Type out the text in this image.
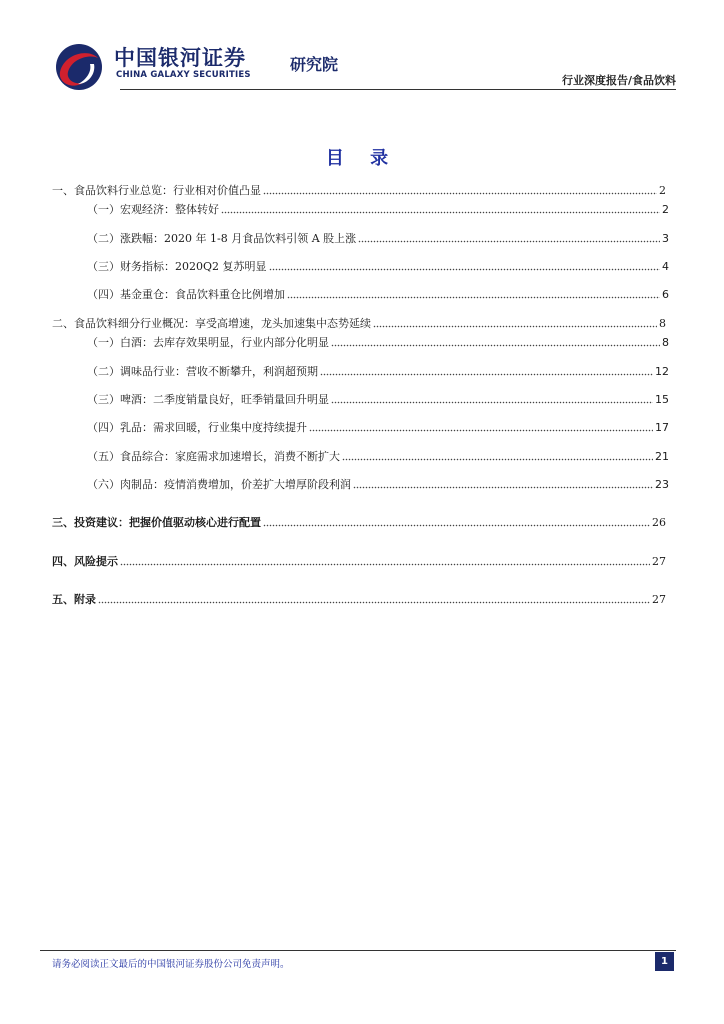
中国银河证券
CHINA GALAXY SECURITIES
研究院
行业深度报告/食品饮料
目 录
一、食品饮料行业总览：行业相对价值凸显	2
（一）宏观经济：整体转好	2
（二）涨跌幅：2020 年 1-8 月食品饮料引领 A 股上涨	3
（三）财务指标：2020Q2 复苏明显	4
（四）基金重仓：食品饮料重仓比例增加	6
二、食品饮料细分行业概况：享受高增速，龙头加速集中态势延续	8
（一）白酒：去库存效果明显，行业内部分化明显	8
（二）调味品行业：营收不断攀升，利润超预期	12
（三）啤酒：二季度销量良好，旺季销量回升明显	15
（四）乳品：需求回暖，行业集中度持续提升	17
（五）食品综合：家庭需求加速增长，消费不断扩大	21
（六）肉制品：疫情消费增加，价差扩大增厚阶段利润	23
三、投资建议：把握价值驱动核心进行配置	26
四、风险提示	27
五、附录	27
请务必阅读正文最后的中国银河证券股份公司免责声明。	1
